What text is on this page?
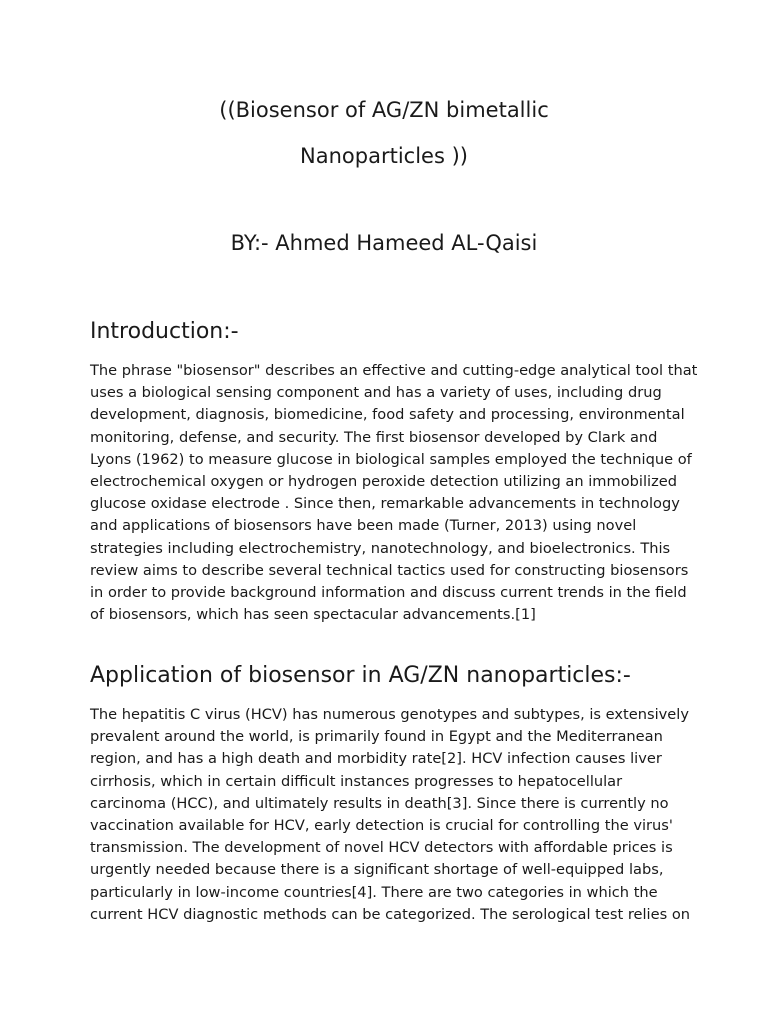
((Biosensor of AG/ZN bimetallic
Nanoparticles ))
BY:- Ahmed Hameed AL-Qaisi
Introduction:-

The phrase "biosensor" describes an effective and cutting-edge analytical tool that
uses a biological sensing component and has a variety of uses, including drug
development, diagnosis, biomedicine, food safety and processing, environmental
monitoring, defense, and security. The first biosensor developed by Clark and
Lyons (1962) to measure glucose in biological samples employed the technique of
electrochemical oxygen or hydrogen peroxide detection utilizing an immobilized
glucose oxidase electrode . Since then, remarkable advancements in technology
and applications of biosensors have been made (Turner, 2013) using novel
strategies including electrochemistry, nanotechnology, and bioelectronics. This
review aims to describe several technical tactics used for constructing biosensors
in order to provide background information and discuss current trends in the field
of biosensors, which has seen spectacular advancements.[1]

Application of biosensor in AG/ZN nanoparticles:-

The hepatitis C virus (HCV) has numerous genotypes and subtypes, is extensively
prevalent around the world, is primarily found in Egypt and the Mediterranean
region, and has a high death and morbidity rate[2]. HCV infection causes liver
cirrhosis, which in certain difficult instances progresses to hepatocellular
carcinoma (HCC), and ultimately results in death[3]. Since there is currently no
vaccination available for HCV, early detection is crucial for controlling the virus'
transmission. The development of novel HCV detectors with affordable prices is
urgently needed because there is a significant shortage of well-equipped labs,
particularly in low-income countries[4]. There are two categories in which the
current HCV diagnostic methods can be categorized. The serological test relies on
